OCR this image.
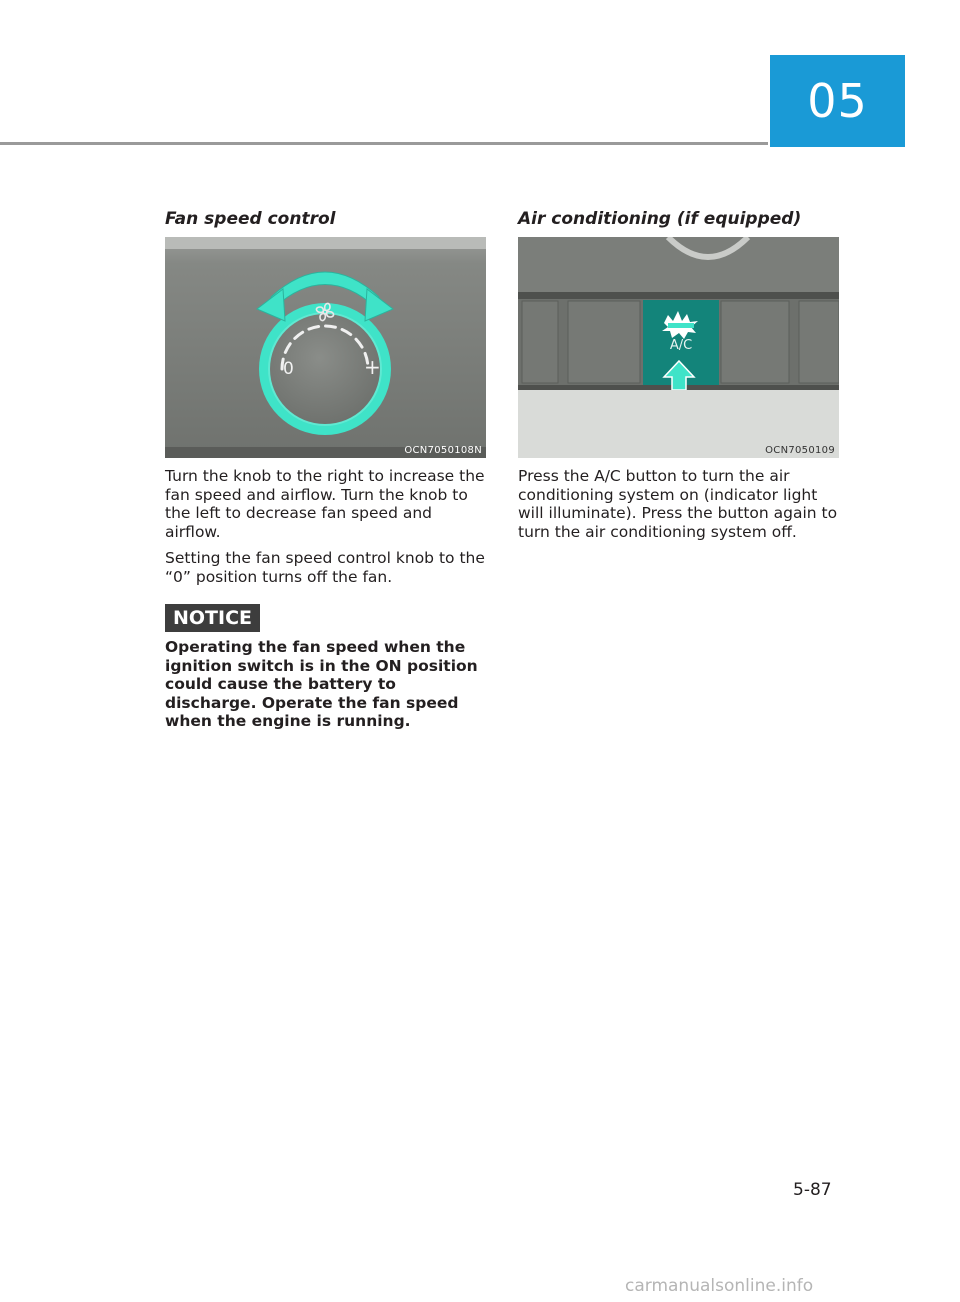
05
Fan speed control
0	+
OCN7050108N

Turn the knob to the right to increase the fan speed and airflow. Turn the knob to the left to decrease fan speed and airflow.

Setting the fan speed control knob to the “0” position turns off the fan.

NOTICE
Operating the fan speed when the ignition switch is in the ON position could cause the battery to discharge. Operate the fan speed when the engine is running.
Air conditioning (if equipped)
A/C
OCN7050109

Press the A/C button to turn the air conditioning system on (indicator light will illuminate). Press the button again to turn the air conditioning system off.

5-87
carmanualsonline.info
